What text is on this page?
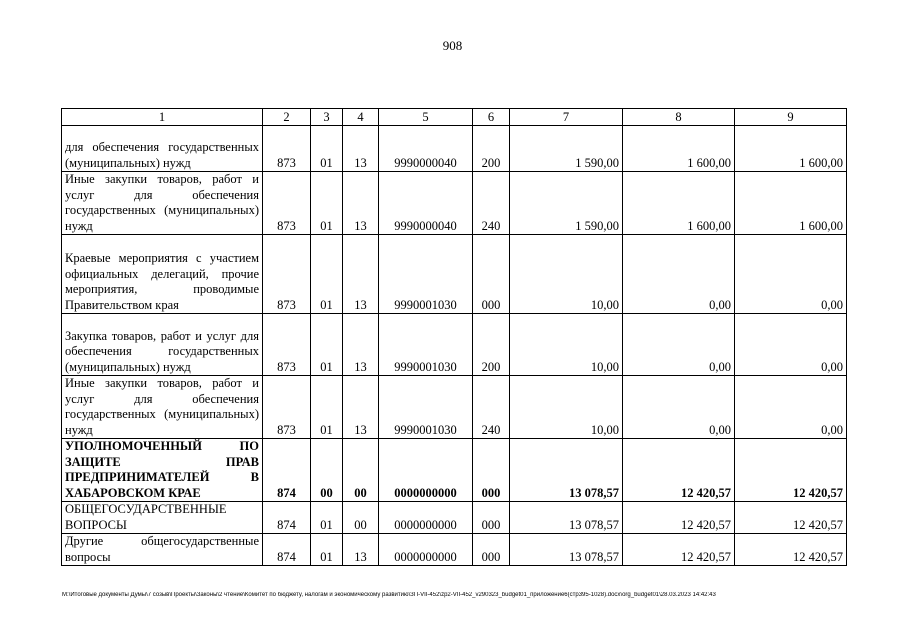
908
1	2	3	4	5	6	7	8	9
для обеспечения государственных (муниципальных) нужд	873	01	13	9990000040	200	1 590,00	1 600,00	1 600,00
Иные закупки товаров, работ и услуг для обеспечения государственных (муниципальных) нужд	873	01	13	9990000040	240	1 590,00	1 600,00	1 600,00
Краевые мероприятия с участием официальных делегаций, прочие мероприятия, проводимые Правительством края	873	01	13	9990001030	000	10,00	0,00	0,00
Закупка товаров, работ и услуг для обеспечения государственных (муниципальных) нужд	873	01	13	9990001030	200	10,00	0,00	0,00
Иные закупки товаров, работ и услуг для обеспечения государственных (муниципальных) нужд	873	01	13	9990001030	240	10,00	0,00	0,00
УПОЛНОМОЧЕННЫЙ ПО ЗАЩИТЕ ПРАВ ПРЕДПРИНИМАТЕЛЕЙ В ХАБАРОВСКОМ КРАЕ	874	00	00	0000000000	000	13 078,57	12 420,57	12 420,57
ОБЩЕГОСУДАРСТВЕННЫЕ ВОПРОСЫ	874	01	00	0000000000	000	13 078,57	12 420,57	12 420,57
Другие общегосударственные вопросы	874	01	13	0000000000	000	13 078,57	12 420,57	12 420,57
М:\Итоговые документы Думы\7 созыв\Проекты\Законы\2 чтение\Комитет по бюджету, налогам и экономическому развитию\ЗП-VII-452\zp2-VII-452_v290323_budget01_приложение6(стр395-1028).docx\org_budget01\28.03.2023 14:42:43
